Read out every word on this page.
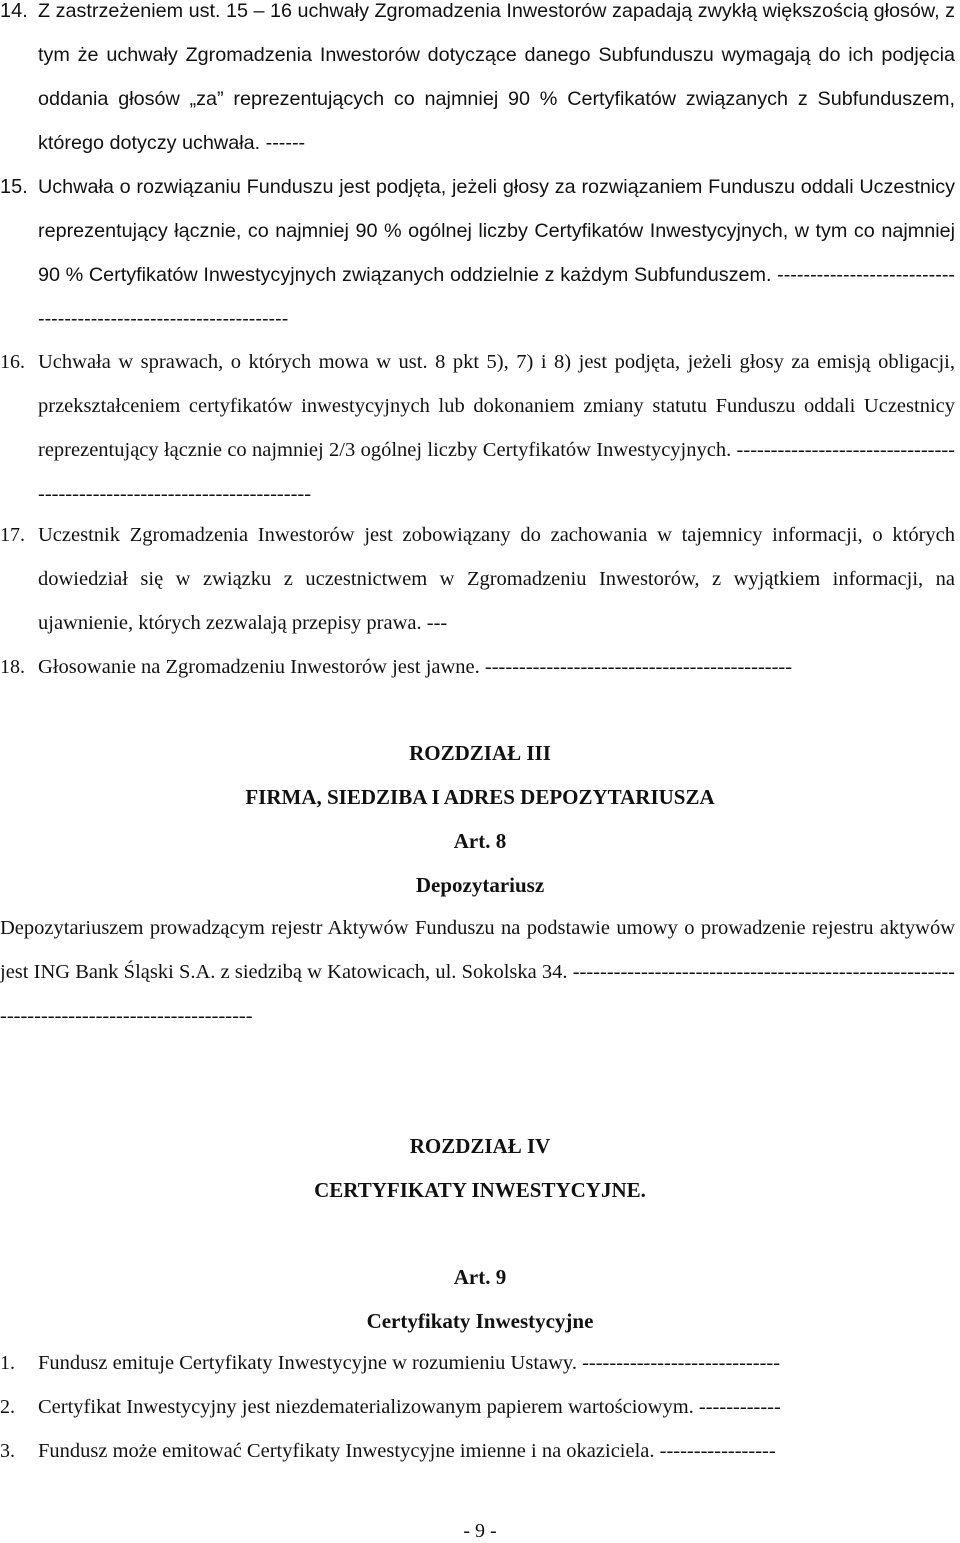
14. Z zastrzeżeniem ust. 15 – 16 uchwały Zgromadzenia Inwestorów zapadają zwykłą większością głosów, z tym że uchwały Zgromadzenia Inwestorów dotyczące danego Subfunduszu wymagają do ich podjęcia oddania głosów „za” reprezentujących co najmniej 90 % Certyfikatów związanych z Subfunduszem, którego dotyczy uchwała. ------
15. Uchwała o rozwiązaniu Funduszu jest podjęta, jeżeli głosy za rozwiązaniem Funduszu oddali Uczestnicy reprezentujący łącznie, co najmniej 90 % ogólnej liczby Certyfikatów Inwestycyjnych, w tym co najmniej 90 % Certyfikatów Inwestycyjnych związanych oddzielnie z każdym Subfunduszem. -----------------------------------------------------------------
16. Uchwała w sprawach, o których mowa w ust. 8 pkt 5), 7) i 8) jest podjęta, jeżeli głosy za emisją obligacji, przekształceniem certyfikatów inwestycyjnych lub dokonaniem zmiany statutu Funduszu oddali Uczestnicy reprezentujący łącznie co najmniej 2/3 ogólnej liczby Certyfikatów Inwestycyjnych. ------------------------------------------------------------------------
17. Uczestnik Zgromadzenia Inwestorów jest zobowiązany do zachowania w tajemnicy informacji, o których dowiedział się w związku z uczestnictwem w Zgromadzeniu Inwestorów, z wyjątkiem informacji, na ujawnienie, których zezwalają przepisy prawa. ---
18. Głosowanie na Zgromadzeniu Inwestorów jest jawne. ---------------------------------------------
ROZDZIAŁ III
FIRMA, SIEDZIBA I ADRES DEPOZYTARIUSZA
Art. 8
Depozytariusz
Depozytariuszem prowadzącym rejestr Aktywów Funduszu na podstawie umowy o prowadzenie rejestru aktywów jest ING Bank Śląski S.A. z siedzibą w Katowicach, ul. Sokolska 34. ---------------------------------------------------------------------------------------------
ROZDZIAŁ IV
CERTYFIKATY INWESTYCYJNE.
Art. 9
Certyfikaty Inwestycyjne
1. Fundusz emituje Certyfikaty Inwestycyjne w rozumieniu Ustawy. -----------------------------
2. Certyfikat Inwestycyjny jest niezdematerializowanym papierem wartościowym. ------------
3. Fundusz może emitować Certyfikaty Inwestycyjne imienne i na okaziciela. -----------------
- 9 -
